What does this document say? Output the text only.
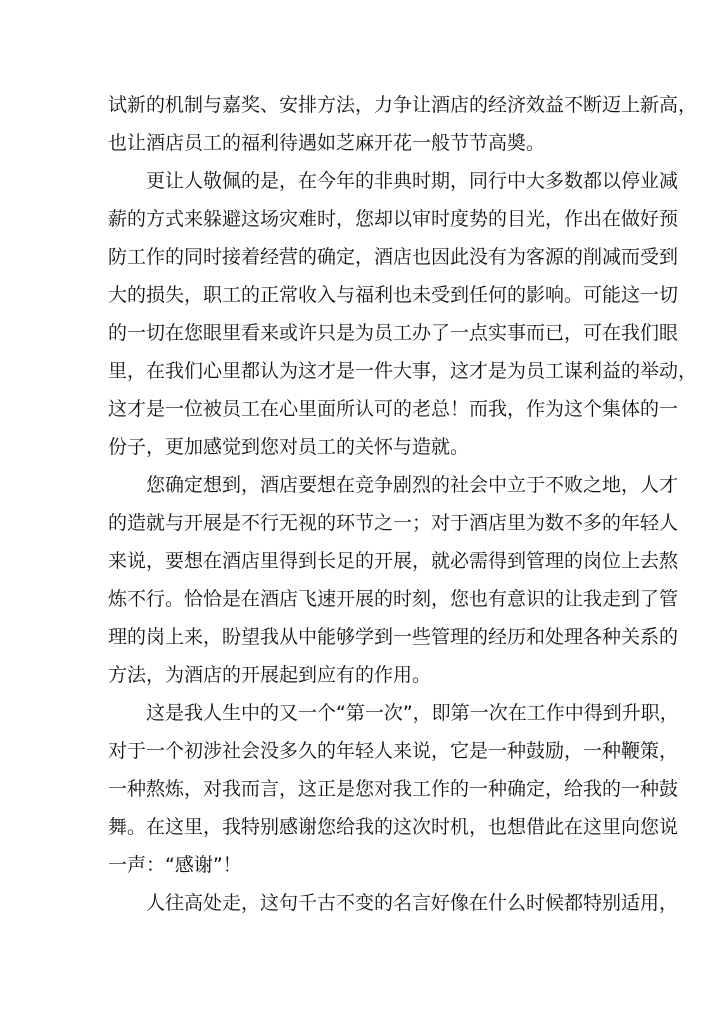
试新的机制与嘉奖、安排方法，力争让酒店的经济效益不断迈上新高，
也让酒店员工的福利待遇如芝麻开花一般节节高奬。
更让人敬佩的是，在今年的非典时期，同行中大多数都以停业减
薪的方式来躲避这场灾难时，您却以审时度势的目光，作出在做好预
防工作的同时接着经营的确定，酒店也因此没有为客源的削减而受到
大的损失，职工的正常收入与福利也未受到任何的影响。可能这一切
的一切在您眼里看来或许只是为员工办了一点实事而已，可在我们眼
里，在我们心里都认为这才是一件大事，这才是为员工谋利益的举动，
这才是一位被员工在心里面所认可的老总！而我，作为这个集体的一
份子，更加感觉到您对员工的关怀与造就。
您确定想到，酒店要想在竞争剧烈的社会中立于不败之地，人才
的造就与开展是不行无视的环节之一；对于酒店里为数不多的年轻人
来说，要想在酒店里得到长足的开展，就必需得到管理的岗位上去熬
炼不行。恰恰是在酒店飞速开展的时刻，您也有意识的让我走到了管
理的岗上来，盼望我从中能够学到一些管理的经历和处理各种关系的
方法，为酒店的开展起到应有的作用。
这是我人生中的又一个“第一次”，即第一次在工作中得到升职，
对于一个初涉社会没多久的年轻人来说，它是一种鼓励，一种鞭策，
一种熬炼，对我而言，这正是您对我工作的一种确定，给我的一种鼓
舞。在这里，我特别感谢您给我的这次时机，也想借此在这里向您说
一声：“感谢”！
人往高处走，这句千古不变的名言好像在什么时候都特别适用，
